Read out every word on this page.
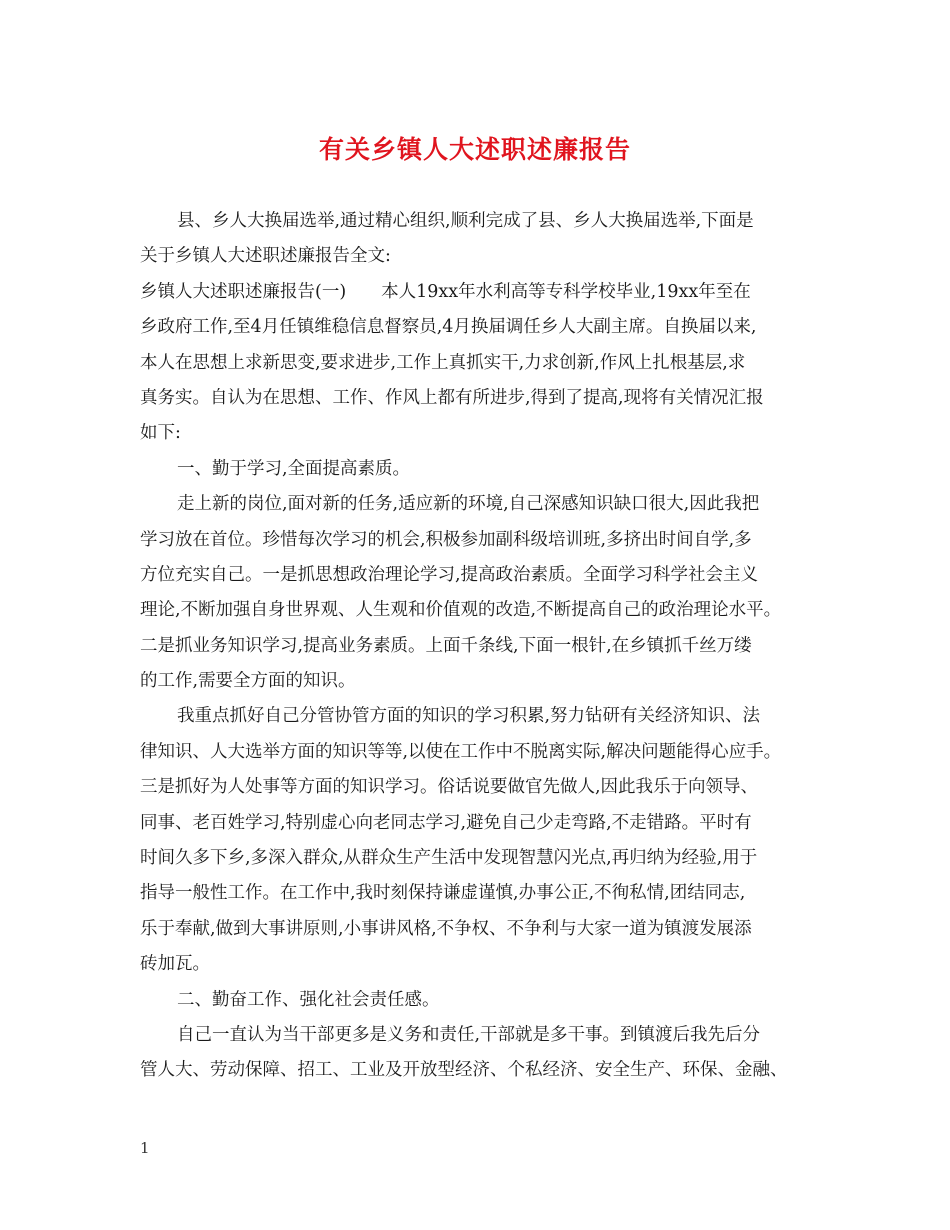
有关乡镇人大述职述廉报告
县、乡人大换届选举,通过精心组织,顺利完成了县、乡人大换届选举,下面是
关于乡镇人大述职述廉报告全文:
乡镇人大述职述廉报告(一)　　本人19xx年水利高等专科学校毕业,19xx年至在
乡政府工作,至4月任镇维稳信息督察员,4月换届调任乡人大副主席。自换届以来,
本人在思想上求新思变,要求进步,工作上真抓实干,力求创新,作风上扎根基层,求
真务实。自认为在思想、工作、作风上都有所进步,得到了提高,现将有关情况汇报
如下:
一、勤于学习,全面提高素质。
走上新的岗位,面对新的任务,适应新的环境,自己深感知识缺口很大,因此我把
学习放在首位。珍惜每次学习的机会,积极参加副科级培训班,多挤出时间自学,多
方位充实自己。一是抓思想政治理论学习,提高政治素质。全面学习科学社会主义
理论,不断加强自身世界观、人生观和价值观的改造,不断提高自己的政治理论水平。
二是抓业务知识学习,提高业务素质。上面千条线,下面一根针,在乡镇抓千丝万缕
的工作,需要全方面的知识。
我重点抓好自己分管协管方面的知识的学习积累,努力钻研有关经济知识、法
律知识、人大选举方面的知识等等,以使在工作中不脱离实际,解决问题能得心应手。
三是抓好为人处事等方面的知识学习。俗话说要做官先做人,因此我乐于向领导、
同事、老百姓学习,特别虚心向老同志学习,避免自己少走弯路,不走错路。平时有
时间久多下乡,多深入群众,从群众生产生活中发现智慧闪光点,再归纳为经验,用于
指导一般性工作。在工作中,我时刻保持谦虚谨慎,办事公正,不徇私情,团结同志,
乐于奉献,做到大事讲原则,小事讲风格,不争权、不争利与大家一道为镇渡发展添
砖加瓦。
二、勤奋工作、强化社会责任感。
自己一直认为当干部更多是义务和责任,干部就是多干事。到镇渡后我先后分
管人大、劳动保障、招工、工业及开放型经济、个私经济、安全生产、环保、金融、
1
